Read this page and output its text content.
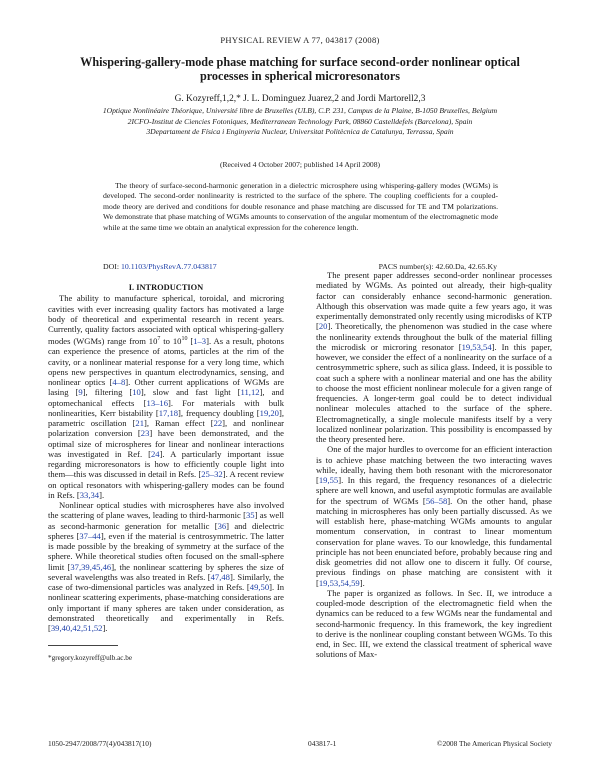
PHYSICAL REVIEW A 77, 043817 (2008)
Whispering-gallery-mode phase matching for surface second-order nonlinear optical processes in spherical microresonators
G. Kozyreff,1,2,* J. L. Dominguez Juarez,2 and Jordi Martorell2,3
1Optique Nonlinéaire Théorique, Université libre de Bruxelles (ULB), C.P. 231, Campus de la Plaine, B-1050 Bruxelles, Belgium
2ICFO-Institut de Ciencies Fotoniques, Mediterranean Technology Park, 08860 Castelldefels (Barcelona), Spain
3Departament de Física i Enginyeria Nuclear, Universitat Politècnica de Catalunya, Terrassa, Spain
(Received 4 October 2007; published 14 April 2008)

The theory of surface-second-harmonic generation in a dielectric microsphere using whispering-gallery modes (WGMs) is developed. The second-order nonlinearity is restricted to the surface of the sphere. The coupling coefficients for a coupled-mode theory are derived and conditions for double resonance and phase matching are discussed for TE and TM polarizations. We demonstrate that phase matching of WGMs amounts to conservation of the angular momentum of the electromagnetic mode while at the same time we obtain an analytical expression for the coherence length.

DOI: 10.1103/PhysRevA.77.043817	PACS number(s): 42.60.Da, 42.65.Ky

I. INTRODUCTION

The ability to manufacture spherical, toroidal, and microring cavities with ever increasing quality factors has motivated a large body of theoretical and experimental research in recent years. Currently, quality factors associated with optical whispering-gallery modes (WGMs) range from $10^7$ to $10^{10}$ [1–3]. As a result, photons can experience the presence of atoms, particles at the rim of the cavity, or a nonlinear material response for a very long time, which opens new perspectives in quantum electrodynamics, sensing, and nonlinear optics [4–8]. Other current applications of WGMs are lasing [9], filtering [10], slow and fast light [11,12], and optomechanical effects [13–16]. For materials with bulk nonlinearities, Kerr bistability [17,18], frequency doubling [19,20], parametric oscillation [21], Raman effect [22], and nonlinear polarization conversion [23] have been demonstrated, and the optimal size of microspheres for linear and nonlinear interactions was investigated in Ref. [24]. A particularly important issue regarding microresonators is how to efficiently couple light into them—this was discussed in detail in Refs. [25–32]. A recent review on optical resonators with whispering-gallery modes can be found in Refs. [33,34].

Nonlinear optical studies with microspheres have also involved the scattering of plane waves, leading to third-harmonic [35] as well as second-harmonic generation for metallic [36] and dielectric spheres [37–44], even if the material is centrosymmetric. The latter is made possible by the breaking of symmetry at the surface of the sphere. While theoretical studies often focused on the small-sphere limit [37,39,45,46], the nonlinear scattering by spheres the size of several wavelengths was also treated in Refs. [47,48]. Similarly, the case of two-dimensional particles was analyzed in Refs. [49,50]. In nonlinear scattering experiments, phase-matching considerations are only important if many spheres are taken under consideration, as demonstrated theoretically and experimentally in Refs. [39,40,42,51,52].

The present paper addresses second-order nonlinear processes mediated by WGMs. As pointed out already, their high-quality factor can considerably enhance second-harmonic generation. Although this observation was made quite a few years ago, it was experimentally demonstrated only recently using microdisks of KTP [20]. Theoretically, the phenomenon was studied in the case where the nonlinearity extends throughout the bulk of the material filling the microdisk or microring resonator [19,53,54]. In this paper, however, we consider the effect of a nonlinearity on the surface of a centrosymmetric sphere, such as silica glass. Indeed, it is possible to coat such a sphere with a nonlinear material and one has the ability to choose the most efficient nonlinear molecule for a given range of frequencies. A longer-term goal could be to detect individual nonlinear molecules attached to the surface of the sphere. Electromagnetically, a single molecule manifests itself by a very localized nonlinear polarization. This possibility is encompassed by the theory presented here.

One of the major hurdles to overcome for an efficient interaction is to achieve phase matching between the two interacting waves while, ideally, having them both resonant with the microresonator [19,55]. In this regard, the frequency resonances of a dielectric sphere are well known, and useful asymptotic formulas are available for the spectrum of WGMs [56–58]. On the other hand, phase matching in microspheres has only been partially discussed. As we will establish here, phase-matching WGMs amounts to angular momentum conservation, in contrast to linear momentum conservation for plane waves. To our knowledge, this fundamental principle has not been enunciated before, probably because ring and disk geometries did not allow one to discern it fully. Of course, previous findings on phase matching are consistent with it [19,53,54,59].

The paper is organized as follows. In Sec. II, we introduce a coupled-mode description of the electromagnetic field when the dynamics can be reduced to a few WGMs near the fundamental and second-harmonic frequency. In this framework, the key ingredient to derive is the nonlinear coupling constant between WGMs. To this end, in Sec. III, we extend the classical treatment of spherical wave solutions of Max-

*gregory.kozyreff@ulb.ac.be
1050-2947/2008/77(4)/043817(10)	043817-1	©2008 The American Physical Society
